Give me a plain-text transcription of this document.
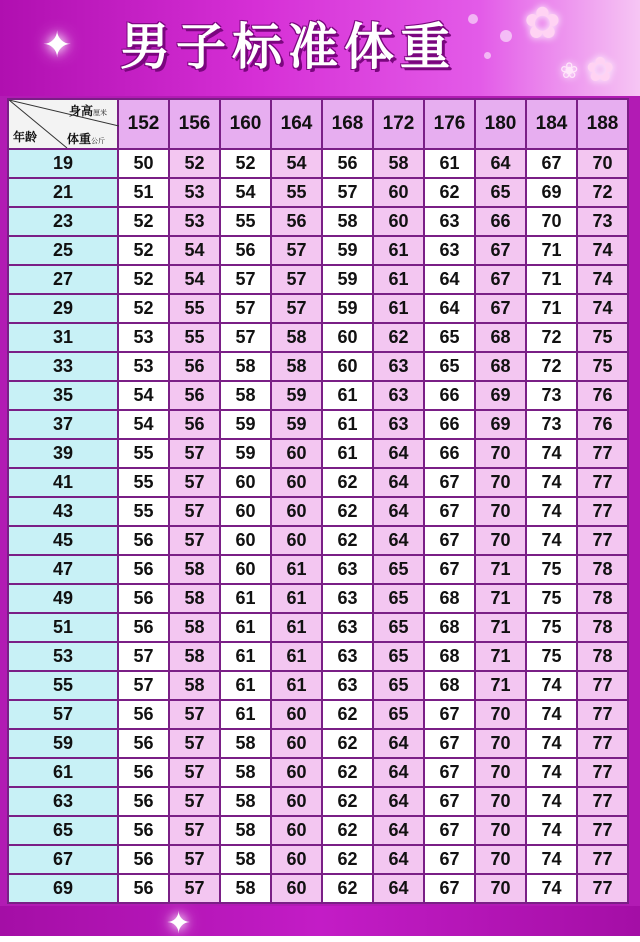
✦ 男子标准体重	✿
✿
❀
身高厘米
体重公斤
年龄	152	156	160	164	168	172	176	180	184	188
19	50	52	52	54	56	58	61	64	67	70
21	51	53	54	55	57	60	62	65	69	72
23	52	53	55	56	58	60	63	66	70	73
25	52	54	56	57	59	61	63	67	71	74
27	52	54	57	57	59	61	64	67	71	74
29	52	55	57	57	59	61	64	67	71	74
31	53	55	57	58	60	62	65	68	72	75
33	53	56	58	58	60	63	65	68	72	75
35	54	56	58	59	61	63	66	69	73	76
37	54	56	59	59	61	63	66	69	73	76
39	55	57	59	60	61	64	66	70	74	77
41	55	57	60	60	62	64	67	70	74	77
43	55	57	60	60	62	64	67	70	74	77
45	56	57	60	60	62	64	67	70	74	77
47	56	58	60	61	63	65	67	71	75	78
49	56	58	61	61	63	65	68	71	75	78
51	56	58	61	61	63	65	68	71	75	78
53	57	58	61	61	63	65	68	71	75	78
55	57	58	61	61	63	65	68	71	74	77
57	56	57	61	60	62	65	67	70	74	77
59	56	57	58	60	62	64	67	70	74	77
61	56	57	58	60	62	64	67	70	74	77
63	56	57	58	60	62	64	67	70	74	77
65	56	57	58	60	62	64	67	70	74	77
67	56	57	58	60	62	64	67	70	74	77
69	56	57	58	60	62	64	67	70	74	77
✦
